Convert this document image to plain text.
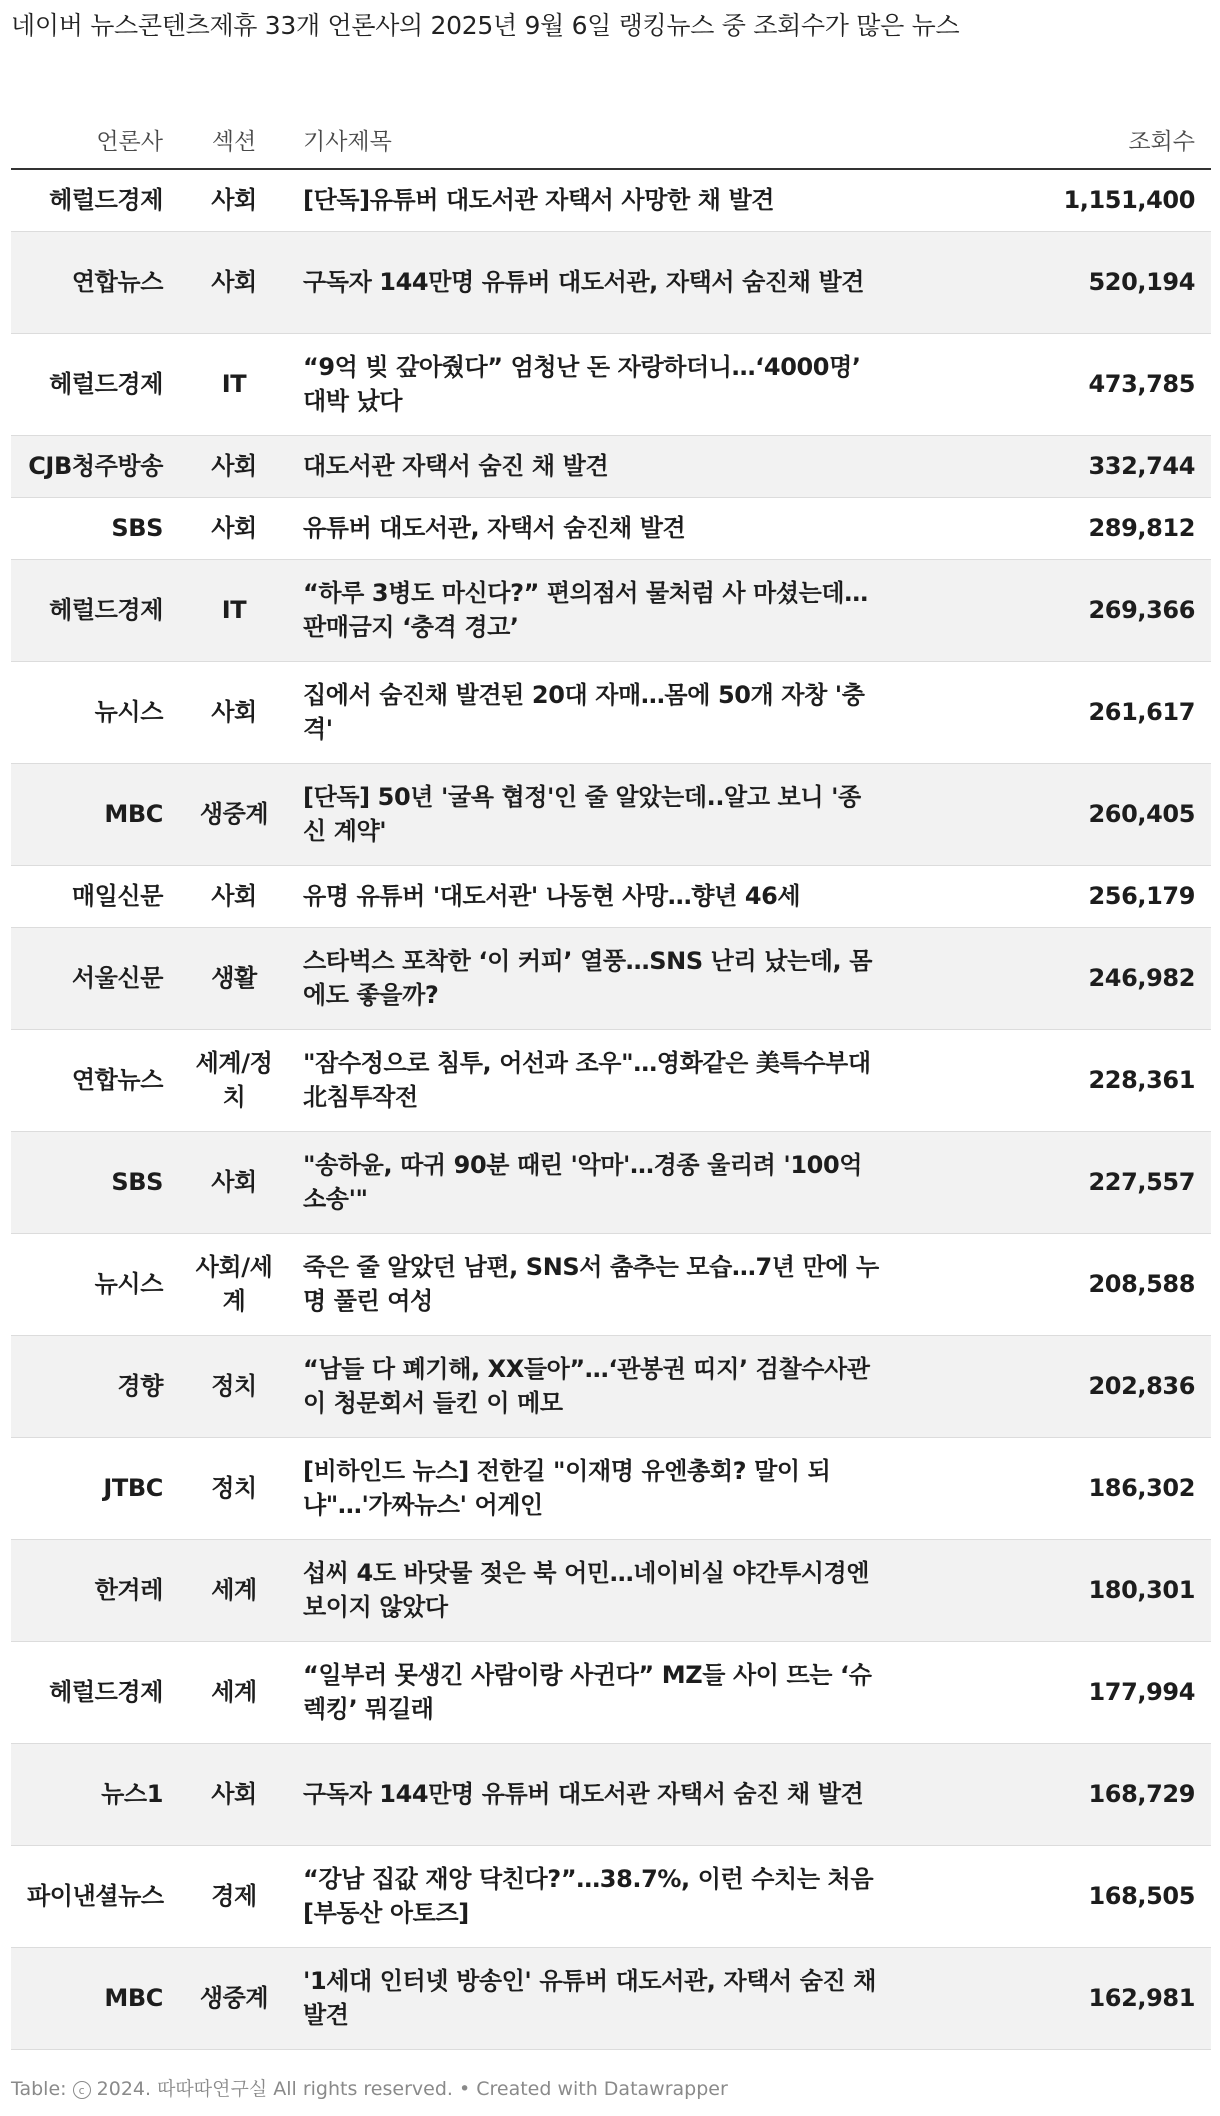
네이버 뉴스콘텐츠제휴 33개 언론사의 2025년 9월 6일 랭킹뉴스 중 조회수가 많은 뉴스
언론사	섹션	기사제목	조회수
헤럴드경제	사회	[단독]유튜버 대도서관 자택서 사망한 채 발견	1,151,400
연합뉴스	사회	구독자 144만명 유튜버 대도서관, 자택서 숨진채 발견	520,194
헤럴드경제	IT	“9억 빚 갚아줬다” 엄청난 돈 자랑하더니…‘4000명’ 대박 났다	473,785
CJB청주방송	사회	대도서관 자택서 숨진 채 발견	332,744
SBS	사회	유튜버 대도서관, 자택서 숨진채 발견	289,812
헤럴드경제	IT	“하루 3병도 마신다?” 편의점서 물처럼 사 마셨는데…판매금지 ‘충격 경고’	269,366
뉴시스	사회	집에서 숨진채 발견된 20대 자매…몸에 50개 자창 '충격'	261,617
MBC	생중계	[단독] 50년 '굴욕 협정'인 줄 알았는데..알고 보니 '종신 계약'	260,405
매일신문	사회	유명 유튜버 '대도서관' 나동현 사망…향년 46세	256,179
서울신문	생활	스타벅스 포착한 ‘이 커피’ 열풍…SNS 난리 났는데, 몸에도 좋을까?	246,982
연합뉴스	세계/정치	"잠수정으로 침투, 어선과 조우"…영화같은 美특수부대 北침투작전	228,361
SBS	사회	"송하윤, 따귀 90분 때린 '악마'…경종 울리려 '100억 소송'"	227,557
뉴시스	사회/세계	죽은 줄 알았던 남편, SNS서 춤추는 모습…7년 만에 누명 풀린 여성	208,588
경향	정치	“남들 다 폐기해, XX들아”…‘관봉권 띠지’ 검찰수사관이 청문회서 들킨 이 메모	202,836
JTBC	정치	[비하인드 뉴스] 전한길 "이재명 유엔총회? 말이 되냐"…'가짜뉴스' 어게인	186,302
한겨레	세계	섭씨 4도 바닷물 젖은 북 어민…네이비실 야간투시경엔 보이지 않았다	180,301
헤럴드경제	세계	“일부러 못생긴 사람이랑 사귄다” MZ들 사이 뜨는 ‘슈렉킹’ 뭐길래	177,994
뉴스1	사회	구독자 144만명 유튜버 대도서관 자택서 숨진 채 발견	168,729
파이낸셜뉴스	경제	“강남 집값 재앙 닥친다?”…38.7%, 이런 수치는 처음 [부동산 아토즈]	168,505
MBC	생중계	'1세대 인터넷 방송인' 유튜버 대도서관, 자택서 숨진 채 발견	162,981
Table: c 2024. 따따따연구실 All rights reserved. • Created with Datawrapper
